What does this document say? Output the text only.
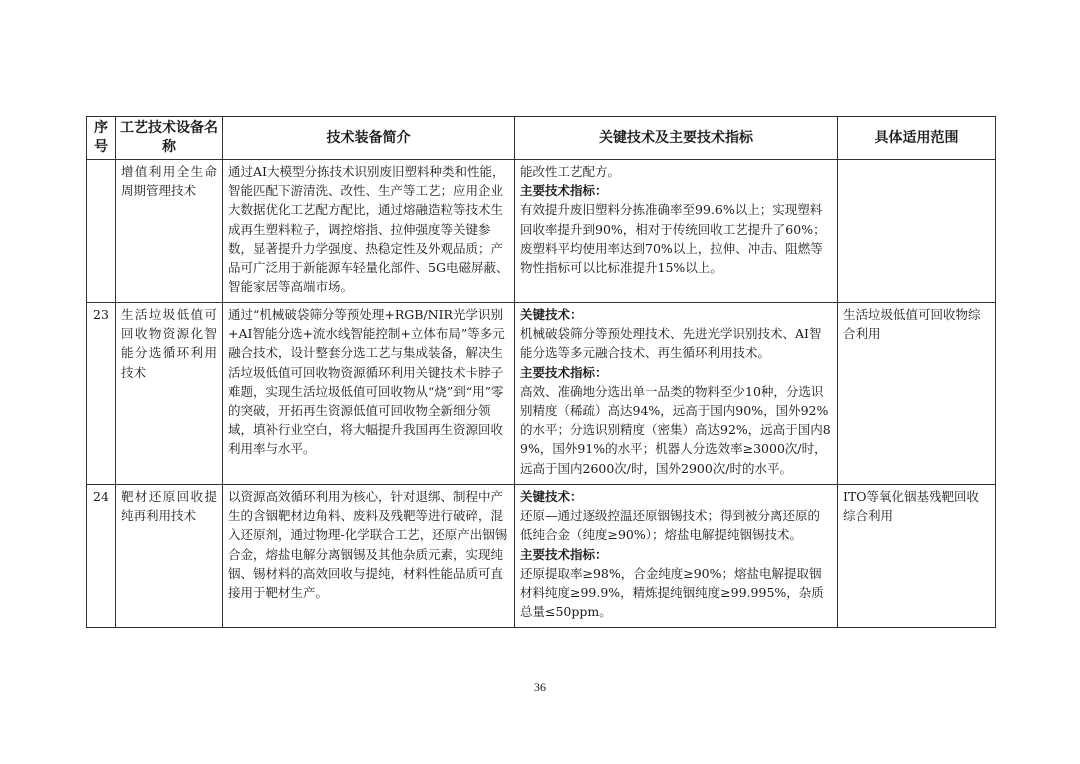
序号	工艺技术设备名称	技术装备简介	关键技术及主要技术指标	具体适用范围
	增值利用全生命周期管理技术	通过AI大模型分拣技术识别废旧塑料种类和性能，智能匹配下游清洗、改性、生产等工艺；应用企业大数据优化工艺配方配比，通过熔融造粒等技术生成再生塑料粒子，调控熔指、拉伸强度等关键参数，显著提升力学强度、热稳定性及外观品质；产品可广泛用于新能源车轻量化部件、5G电磁屏蔽、智能家居等高端市场。	能改性工艺配方。

主要技术指标：

有效提升废旧塑料分拣准确率至99.6%以上；实现塑料回收率提升到90%，相对于传统回收工艺提升了60%；废塑料平均使用率达到70%以上，拉伸、冲击、阻燃等物性指标可以比标准提升15%以上。	

23	生活垃圾低值可回收物资源化智能分选循环利用技术	通过“机械破袋筛分等预处理+RGB/NIR光学识别+AI智能分选+流水线智能控制+立体布局”等多元融合技术，设计整套分选工艺与集成装备，解决生活垃圾低值可回收物资源循环利用关键技术卡脖子难题，实现生活垃圾低值可回收物从“烧”到“用”零的突破，开拓再生资源低值可回收物全新细分领域，填补行业空白，将大幅提升我国再生资源回收利用率与水平。	关键技术：

机械破袋筛分等预处理技术、先进光学识别技术、AI智能分选等多元融合技术、再生循环利用技术。

主要技术指标：

高效、准确地分选出单一品类的物料至少10种，分选识别精度（稀疏）高达94%，远高于国内90%，国外92%的水平；分选识别精度（密集）高达92%，远高于国内89%，国外91%的水平；机器人分选效率≥3000次/时，远高于国内2600次/时，国外2900次/时的水平。	生活垃圾低值可回收物综合利用
24	靶材还原回收提纯再利用技术	以资源高效循环利用为核心，针对退绑、制程中产生的含铟靶材边角料、废料及残靶等进行破碎，混入还原剂，通过物理-化学联合工艺，还原产出铟锡合金，熔盐电解分离铟锡及其他杂质元素，实现纯铟、锡材料的高效回收与提纯，材料性能品质可直接用于靶材生产。	关键技术：

还原—通过逐级控温还原铟锡技术；得到被分离还原的低纯合金（纯度≥90%）；熔盐电解提纯铟锡技术。

主要技术指标：

还原提取率≥98%，合金纯度≥90%；熔盐电解提取铟材料纯度≥99.9%，精炼提纯铟纯度≥99.995%，杂质总量≤50ppm。	ITO等氧化铟基残靶回收综合利用
36
